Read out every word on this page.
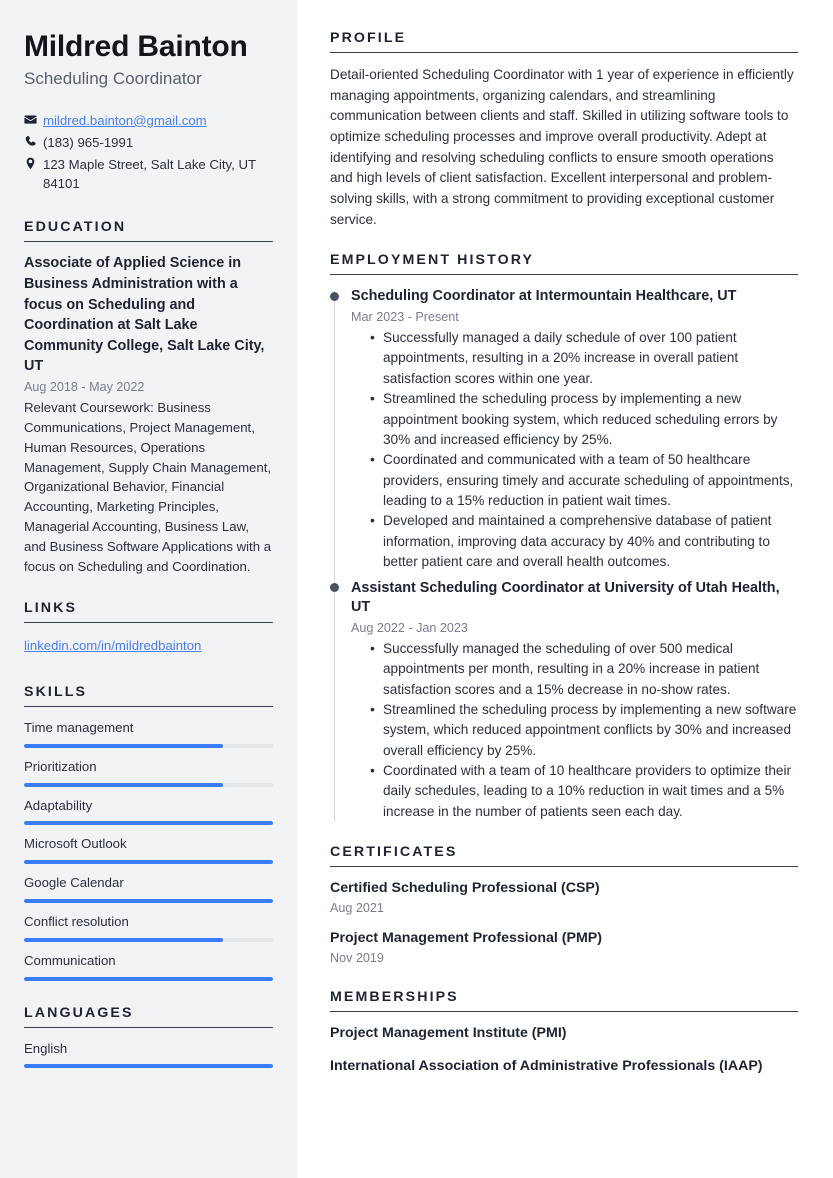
Mildred Bainton
Scheduling Coordinator
mildred.bainton@gmail.com
(183) 965-1991
123 Maple Street, Salt Lake City, UT 84101
EDUCATION
Associate of Applied Science in Business Administration with a focus on Scheduling and Coordination at Salt Lake Community College, Salt Lake City, UT
Aug 2018 - May 2022

Relevant Coursework: Business Communications, Project Management, Human Resources, Operations Management, Supply Chain Management, Organizational Behavior, Financial Accounting, Marketing Principles, Managerial Accounting, Business Law, and Business Software Applications with a focus on Scheduling and Coordination.

LINKS
linkedin.com/in/mildredbainton
SKILLS
Time management
Prioritization
Adaptability
Microsoft Outlook
Google Calendar
Conflict resolution
Communication
LANGUAGES
English
PROFILE

Detail-oriented Scheduling Coordinator with 1 year of experience in efficiently managing appointments, organizing calendars, and streamlining communication between clients and staff. Skilled in utilizing software tools to optimize scheduling processes and improve overall productivity. Adept at identifying and resolving scheduling conflicts to ensure smooth operations and high levels of client satisfaction. Excellent interpersonal and problem-solving skills, with a strong commitment to providing exceptional customer service.

EMPLOYMENT HISTORY
Scheduling Coordinator at Intermountain Healthcare, UT
Mar 2023 - Present
• Successfully managed a daily schedule of over 100 patient appointments, resulting in a 20% increase in overall patient satisfaction scores within one year.
• Streamlined the scheduling process by implementing a new appointment booking system, which reduced scheduling errors by 30% and increased efficiency by 25%.
• Coordinated and communicated with a team of 50 healthcare providers, ensuring timely and accurate scheduling of appointments, leading to a 15% reduction in patient wait times.
• Developed and maintained a comprehensive database of patient information, improving data accuracy by 40% and contributing to better patient care and overall health outcomes.
Assistant Scheduling Coordinator at University of Utah Health, UT
Aug 2022 - Jan 2023
• Successfully managed the scheduling of over 500 medical appointments per month, resulting in a 20% increase in patient satisfaction scores and a 15% decrease in no-show rates.
• Streamlined the scheduling process by implementing a new software system, which reduced appointment conflicts by 30% and increased overall efficiency by 25%.
• Coordinated with a team of 10 healthcare providers to optimize their daily schedules, leading to a 10% reduction in wait times and a 5% increase in the number of patients seen each day.
CERTIFICATES
Certified Scheduling Professional (CSP)
Aug 2021
Project Management Professional (PMP)
Nov 2019
MEMBERSHIPS
Project Management Institute (PMI)
International Association of Administrative Professionals (IAAP)
